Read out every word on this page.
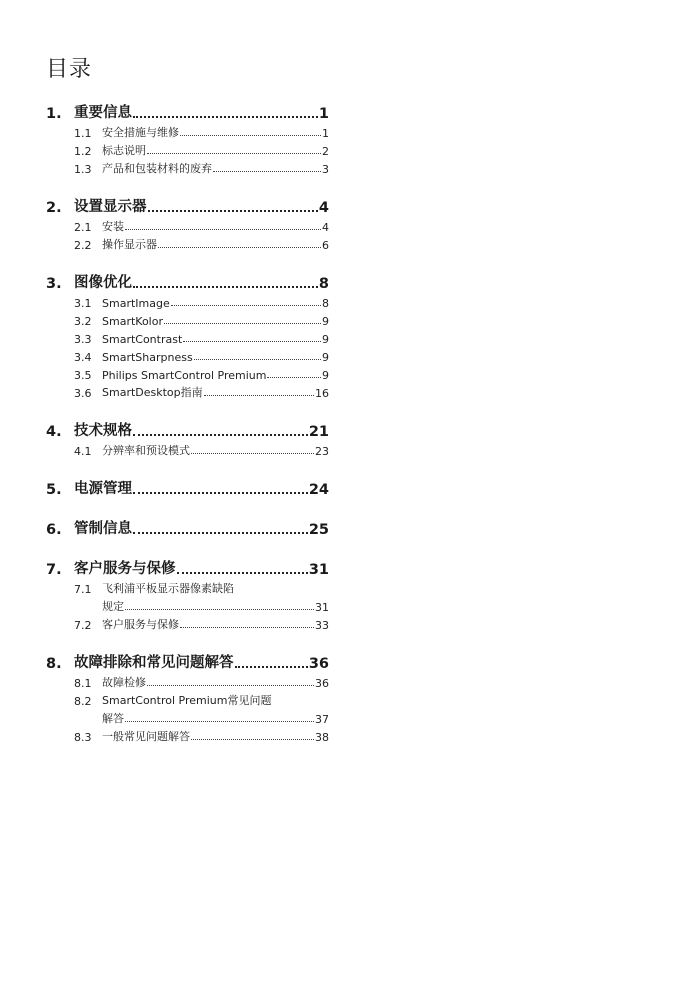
目录
1. 重要信息	1
1.1 安全措施与维修	1
1.2 标志说明	2
1.3 产品和包装材料的废弃	3
2. 设置显示器	4
2.1 安装	4
2.2 操作显示器	6
3. 图像优化	8
3.1 SmartImage	8
3.2 SmartKolor	9
3.3 SmartContrast	9
3.4 SmartSharpness	9
3.5 Philips SmartControl Premium	9
3.6 SmartDesktop指南	16
4. 技术规格	21
4.1 分辨率和预设模式	23
5. 电源管理	24
6. 管制信息	25
7. 客户服务与保修	31
7.1 飞利浦平板显示器像素缺陷
规定	31
7.2 客户服务与保修	33
8. 故障排除和常见问题解答	36
8.1 故障检修	36
8.2 SmartControl Premium常见问题
解答	37
8.3 一般常见问题解答	38
